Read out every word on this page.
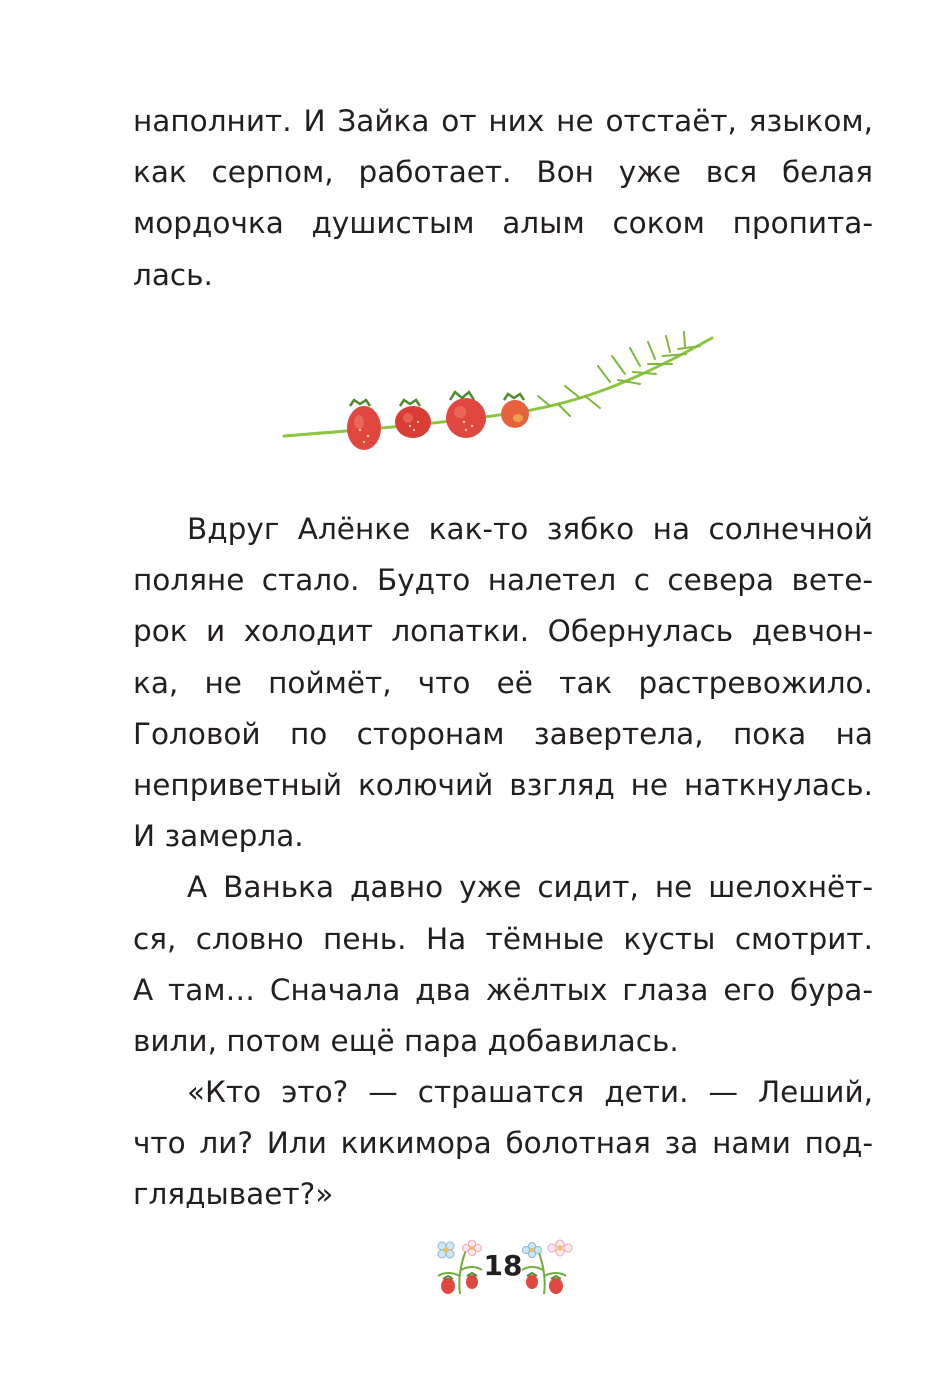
наполнит. И Зайка от них не отстаёт, языком,
как серпом, работает. Вон уже вся белая
мордочка душистым алым соком пропита-
лась.
Вдруг Алёнке как-то зябко на солнечной
поляне стало. Будто налетел с севера вете-
рок и холодит лопатки. Обернулась девчон-
ка, не поймёт, что её так растревожило.
Головой по сторонам завертела, пока на
неприветный колючий взгляд не наткнулась.
И замерла.
А Ванька давно уже сидит, не шелохнёт-
ся, словно пень. На тёмные кусты смотрит.
А там… Сначала два жёлтых глаза его бура-
вили, потом ещё пара добавилась.
«Кто это? — страшатся дети. — Леший,
что ли? Или кикимора болотная за нами под-
глядывает?»
18
